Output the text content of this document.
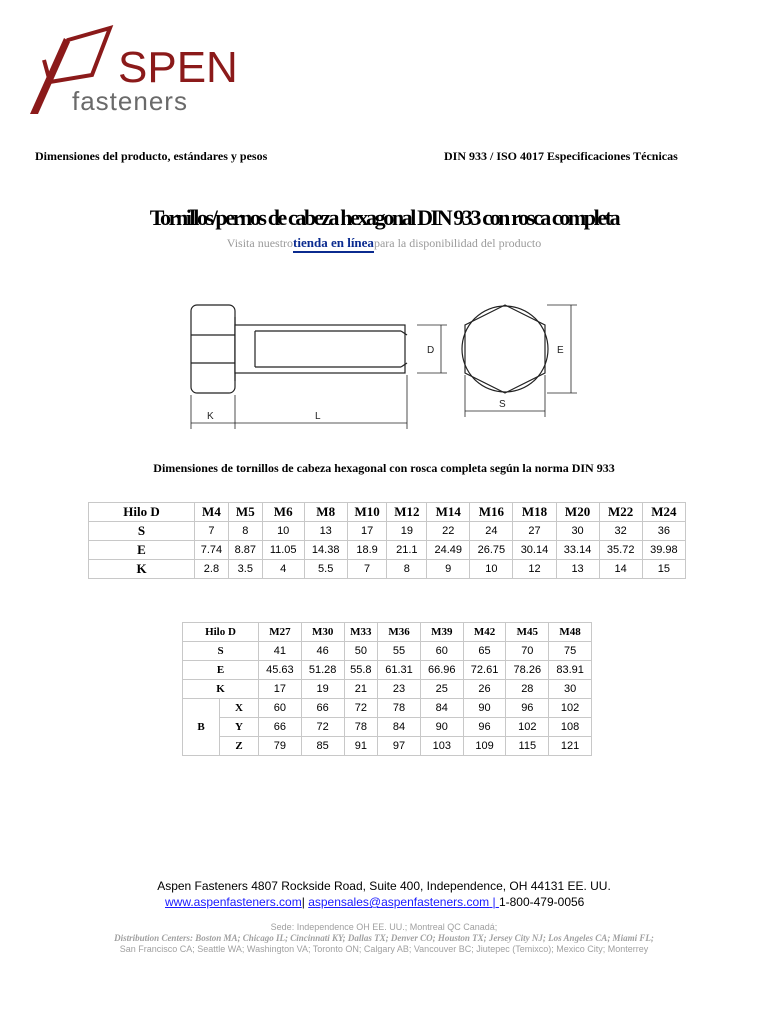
SPEN
fasteners
Dimensiones del producto, estándares y pesos	DIN 933 / ISO 4017 Especificaciones Técnicas
Tornillos/pernos de cabeza hexagonal DIN 933 con rosca completa
Visita nuestrotienda en líneapara la disponibilidad del producto
D
K	L
E
S
Dimensiones de tornillos de cabeza hexagonal con rosca completa según la norma DIN 933
Hilo D	M4	M5	M6	M8	M10	M12	M14	M16	M18	M20	M22	M24
S	7	8	10	13	17	19	22	24	27	30	32	36
E	7.74	8.87	11.05	14.38	18.9	21.1	24.49	26.75	30.14	33.14	35.72	39.98
K	2.8	3.5	4	5.5	7	8	9	10	12	13	14	15
Hilo D		M27	M30	M33	M36	M39	M42	M45	M48
S		41	46	50	55	60	65	70	75
E		45.63	51.28	55.8	61.31	66.96	72.61	78.26	83.91
K		17	19	21	23	25	26	28	30
B	X	60	66	72	78	84	90	96	102
	Y	66	72	78	84	90	96	102	108
	Z	79	85	91	97	103	109	115	121
Aspen Fasteners 4807 Rockside Road, Suite 400, Independence, OH 44131 EE. UU.
www.aspenfasteners.com| aspensales@aspenfasteners.com | 1-800-479-0056
Sede: Independence OH EE. UU.; Montreal QC Canadá;
Distribution Centers: Boston MA; Chicago IL; Cincinnati KY; Dallas TX; Denver CO; Houston TX; Jersey City NJ; Los Angeles CA; Miami FL;
San Francisco CA; Seattle WA; Washington VA; Toronto ON; Calgary AB; Vancouver BC; Jiutepec (Temixco); Mexico City; Monterrey
